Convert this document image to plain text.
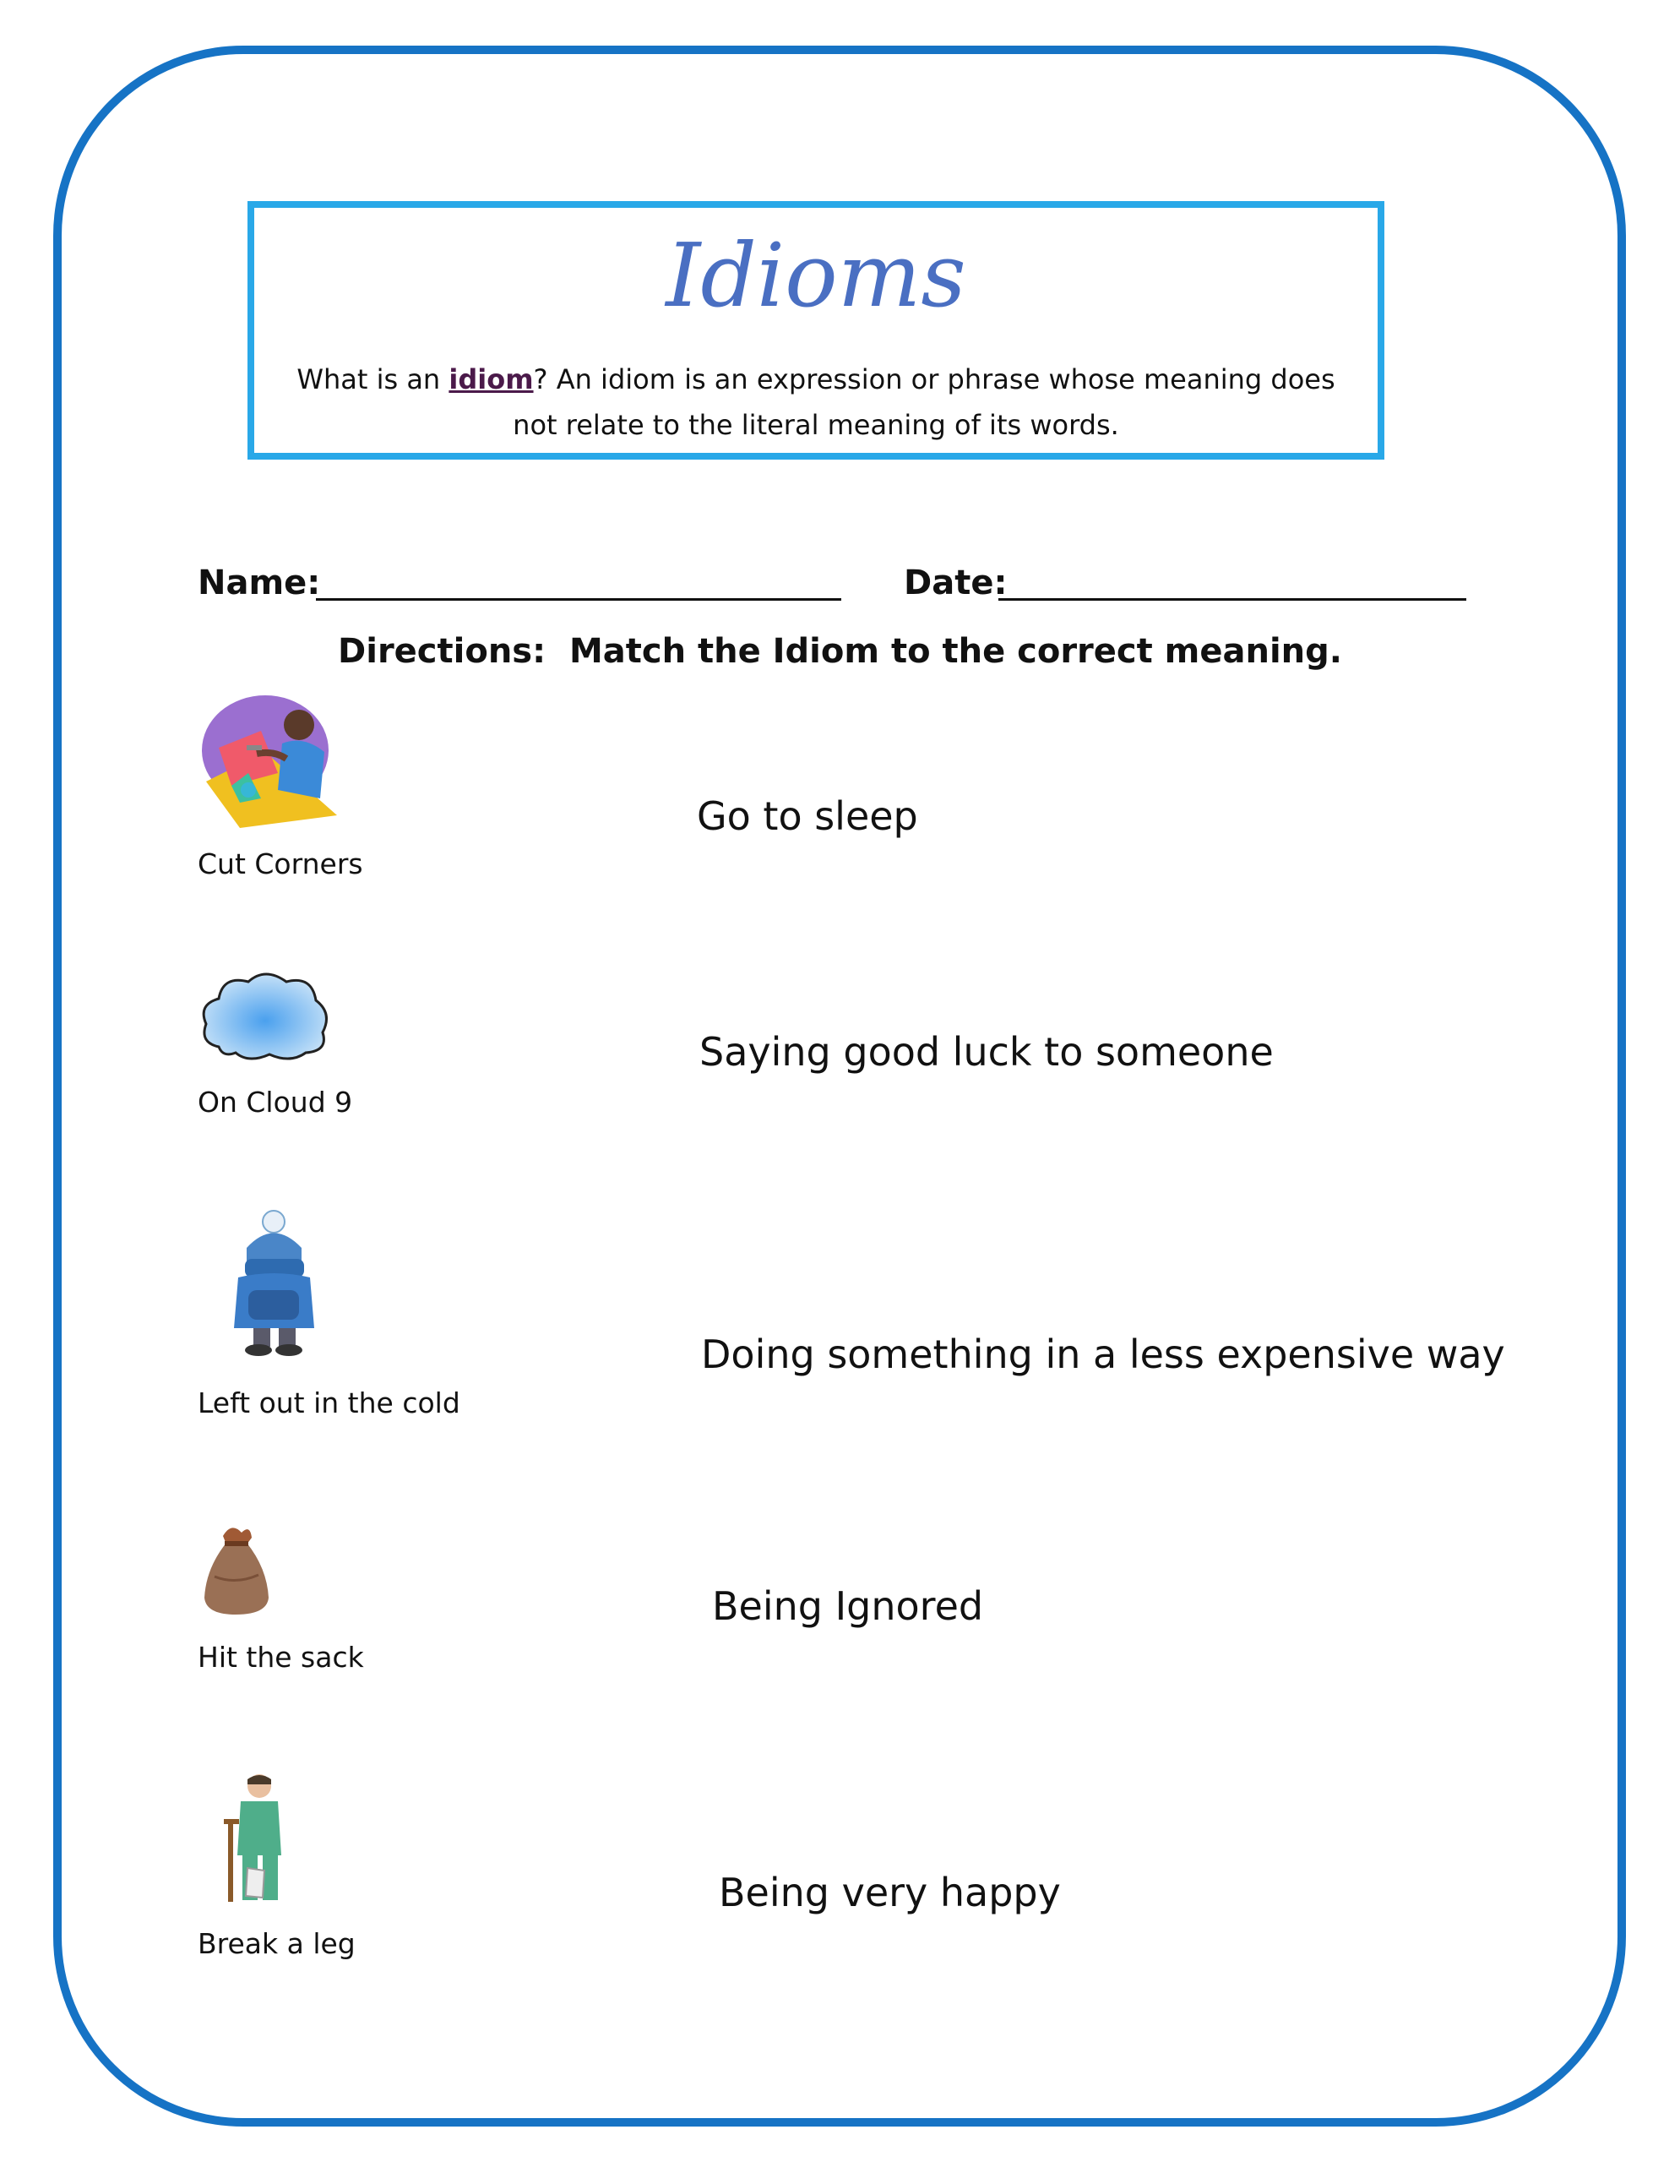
Idioms
What is an idiom? An idiom is an expression or phrase whose meaning does not relate to the literal meaning of its words.
Name:	Date:
Directions:  Match the Idiom to the correct meaning.
Cut Corners
On Cloud 9
Left out in the cold
Hit the sack
Break a leg
Go to sleep
Saying good luck to someone
Doing something in a less expensive way
Being Ignored
Being very happy
